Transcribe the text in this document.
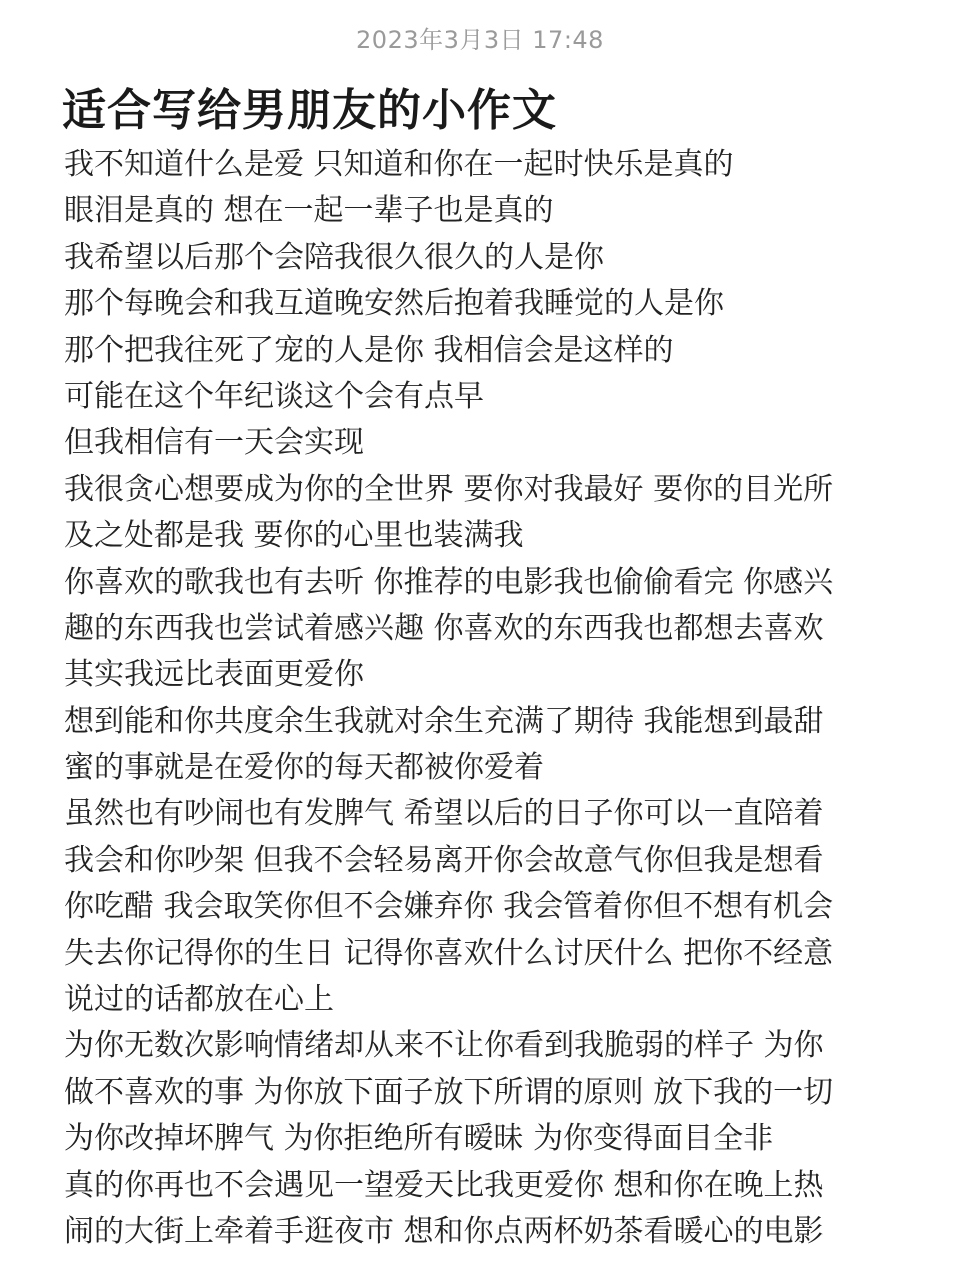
2023年3月3日 17:48
适合写给男朋友的小作文
我不知道什么是爱 只知道和你在一起时快乐是真的
眼泪是真的 想在一起一辈子也是真的
我希望以后那个会陪我很久很久的人是你
那个每晚会和我互道晚安然后抱着我睡觉的人是你
那个把我往死了宠的人是你 我相信会是这样的
可能在这个年纪谈这个会有点早
但我相信有一天会实现
我很贪心想要成为你的全世界 要你对我最好 要你的目光所
及之处都是我 要你的心里也装满我
你喜欢的歌我也有去听 你推荐的电影我也偷偷看完 你感兴
趣的东西我也尝试着感兴趣 你喜欢的东西我也都想去喜欢
其实我远比表面更爱你
想到能和你共度余生我就对余生充满了期待 我能想到最甜
蜜的事就是在爱你的每天都被你爱着
虽然也有吵闹也有发脾气 希望以后的日子你可以一直陪着
我会和你吵架 但我不会轻易离开你会故意气你但我是想看
你吃醋 我会取笑你但不会嫌弃你 我会管着你但不想有机会
失去你记得你的生日 记得你喜欢什么讨厌什么 把你不经意
说过的话都放在心上
为你无数次影响情绪却从来不让你看到我脆弱的样子 为你
做不喜欢的事 为你放下面子放下所谓的原则 放下我的一切
为你改掉坏脾气 为你拒绝所有暧昧 为你变得面目全非
真的你再也不会遇见一望爱天比我更爱你 想和你在晚上热
闹的大街上牵着手逛夜市 想和你点两杯奶茶看暖心的电影
